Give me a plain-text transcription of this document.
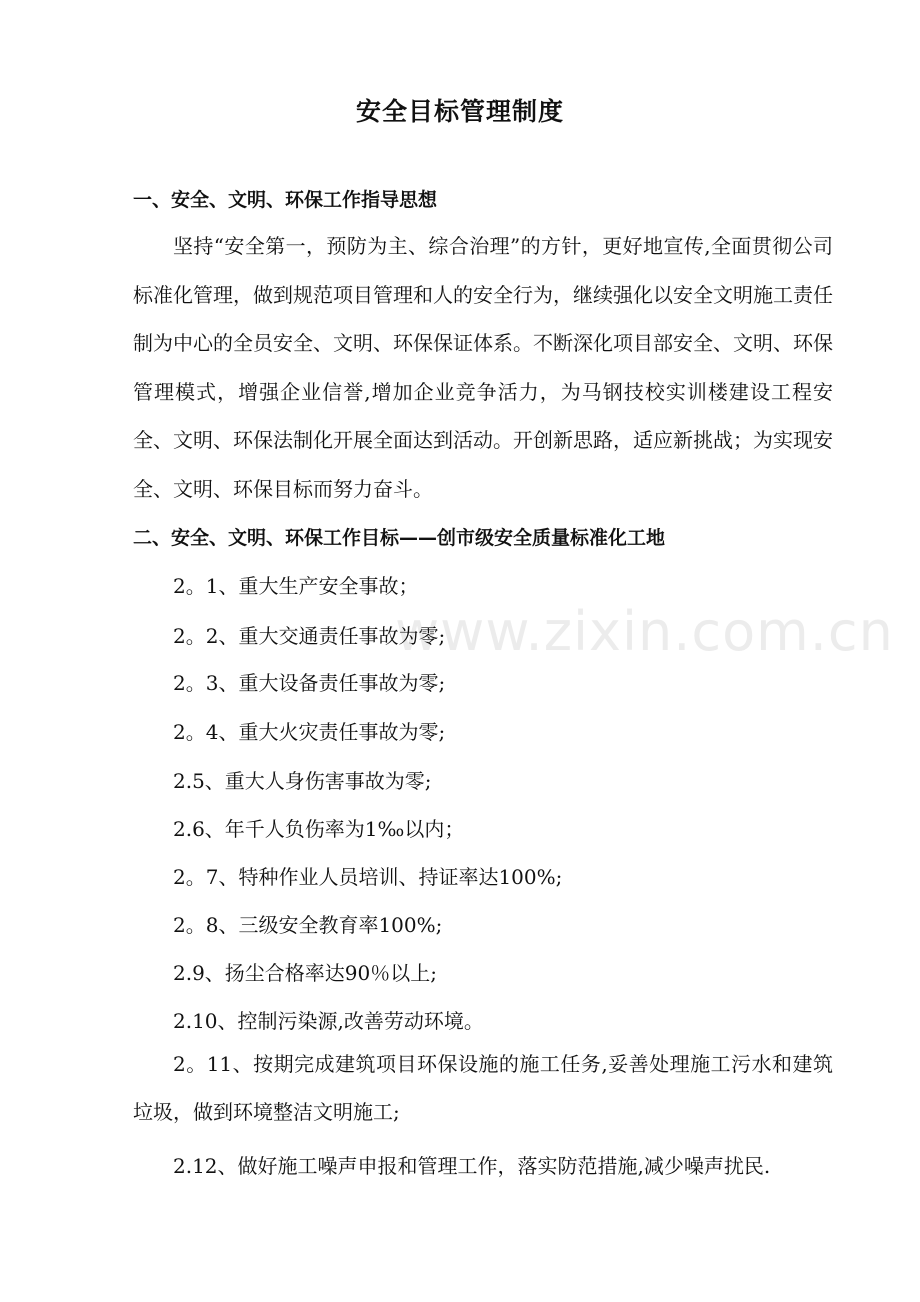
www.zixin.com.cn
安全目标管理制度
一、安全、文明、环保工作指导思想
坚持“安全第一，预防为主、综合治理”的方针，更好地宣传,全面贯彻公司标准化管理，做到规范项目管理和人的安全行为，继续强化以安全文明施工责任制为中心的全员安全、文明、环保保证体系。不断深化项目部安全、文明、环保管理模式，增强企业信誉,增加企业竞争活力，为马钢技校实训楼建设工程安全、文明、环保法制化开展全面达到活动。开创新思路，适应新挑战；为实现安全、文明、环保目标而努力奋斗。
二、安全、文明、环保工作目标——创市级安全质量标准化工地
2。1、重大生产安全事故；
2。2、重大交通责任事故为零;
2。3、重大设备责任事故为零;
2。4、重大火灾责任事故为零;
2.5、重大人身伤害事故为零;
2.6、年千人负伤率为1‰以内；
2。7、特种作业人员培训、持证率达100%;
2。8、三级安全教育率100%;
2.9、扬尘合格率达90％以上;
2.10、控制污染源,改善劳动环境。
2。11、按期完成建筑项目环保设施的施工任务,妥善处理施工污水和建筑垃圾，做到环境整洁文明施工;
2.12、做好施工噪声申报和管理工作，落实防范措施,减少噪声扰民.
